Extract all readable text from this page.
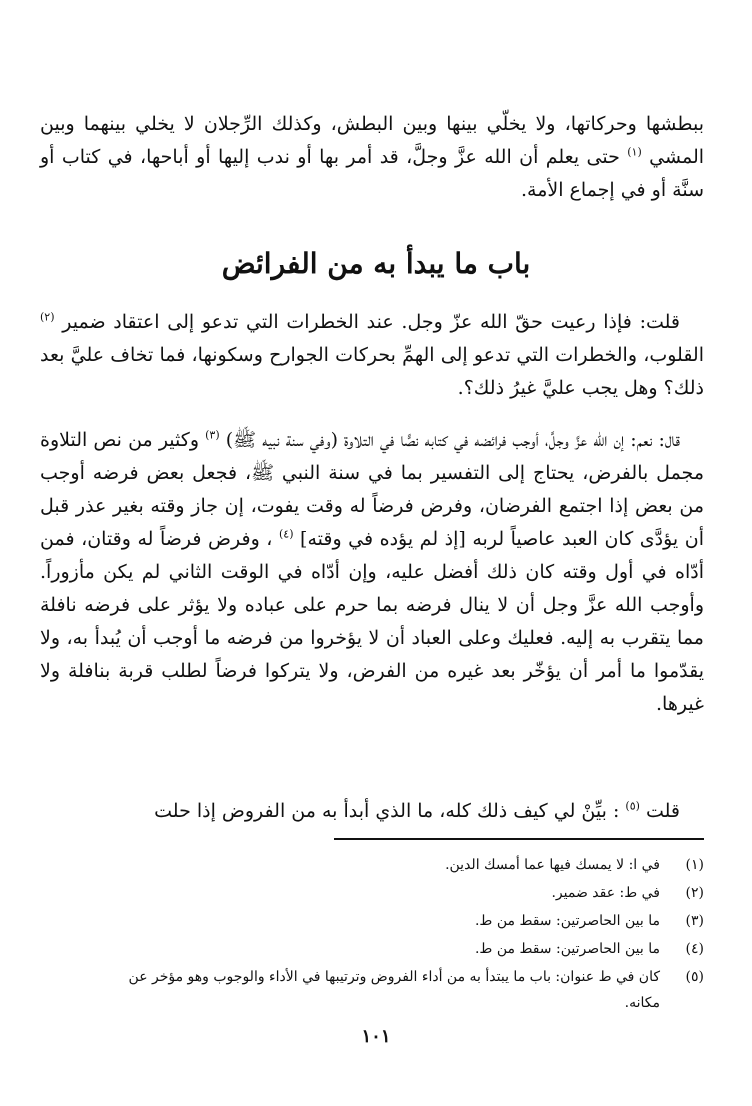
ببطشها وحركاتها، ولا يخلّي بينها وبين البطش، وكذلك الرِّجلان لا يخلي بينهما وبين المشي $^{(١)}$ حتى يعلم أن الله عزَّ وجلَّ، قد أمر بها أو ندب إليها أو أباحها، في كتاب أو سنَّة أو في إجماع الأمة.

باب ما يبدأ به من الفرائض

قلت: فإذا رعيت حقّ الله عزّ وجل. عند الخطرات التي تدعو إلى اعتقاد ضمير $^{(٢)}$ القلوب، والخطرات التي تدعو إلى الهمِّ بحركات الجوارح وسكونها، فما تخاف عليَّ بعد ذلك؟ وهل يجب عليَّ غيرُ ذلك؟.

قال: نعم: إن الله عزَّ وجلَّ، أوجب فرائضه في كتابه نصًّا في التلاوة (وفي سنة نبيه ﷺ) $^{(٣)}$ وكثير من نص التلاوة مجمل بالفرض، يحتاج إلى التفسير بما في سنة النبي ﷺ، فجعل بعض فرضه أوجب من بعض إذا اجتمع الفرضان، وفرض فرضاً له وقت يفوت، إن جاز وقته بغير عذر قبل أن يؤدَّى كان العبد عاصياً لربه [إذ لم يؤده في وقته] $^{(٤)}$ ، وفرض فرضاً له وقتان، فمن أدّاه في أول وقته كان ذلك أفضل عليه، وإن أدّاه في الوقت الثاني لم يكن مأزوراً. وأوجب الله عزَّ وجل أن لا ينال فرضه بما حرم على عباده ولا يؤثر على فرضه نافلة مما يتقرب به إليه. فعليك وعلى العباد أن لا يؤخروا من فرضه ما أوجب أن يُبدأ به، ولا يقدّموا ما أمر أن يؤخّر بعد غيره من الفرض، ولا يتركوا فرضاً لطلب قربة بنافلة ولا غيرها.

قلت $^{(٥)}$ : بيِّنْ لي كيف ذلك كله، ما الذي أبدأ به من الفروض إذا حلت

(١)
في ا: لا يمسك فيها عما أمسك الدين.
(٢)
في ط: عقد ضمير.
(٣)
ما بين الحاصرتين: سقط من ط.
(٤)
ما بين الحاصرتين: سقط من ط.
(٥)
كان في ط عنوان: باب ما يبتدأ به من أداء الفروض وترتيبها في الأداء والوجوب وهو مؤخر عن مكانه.
١٠١
